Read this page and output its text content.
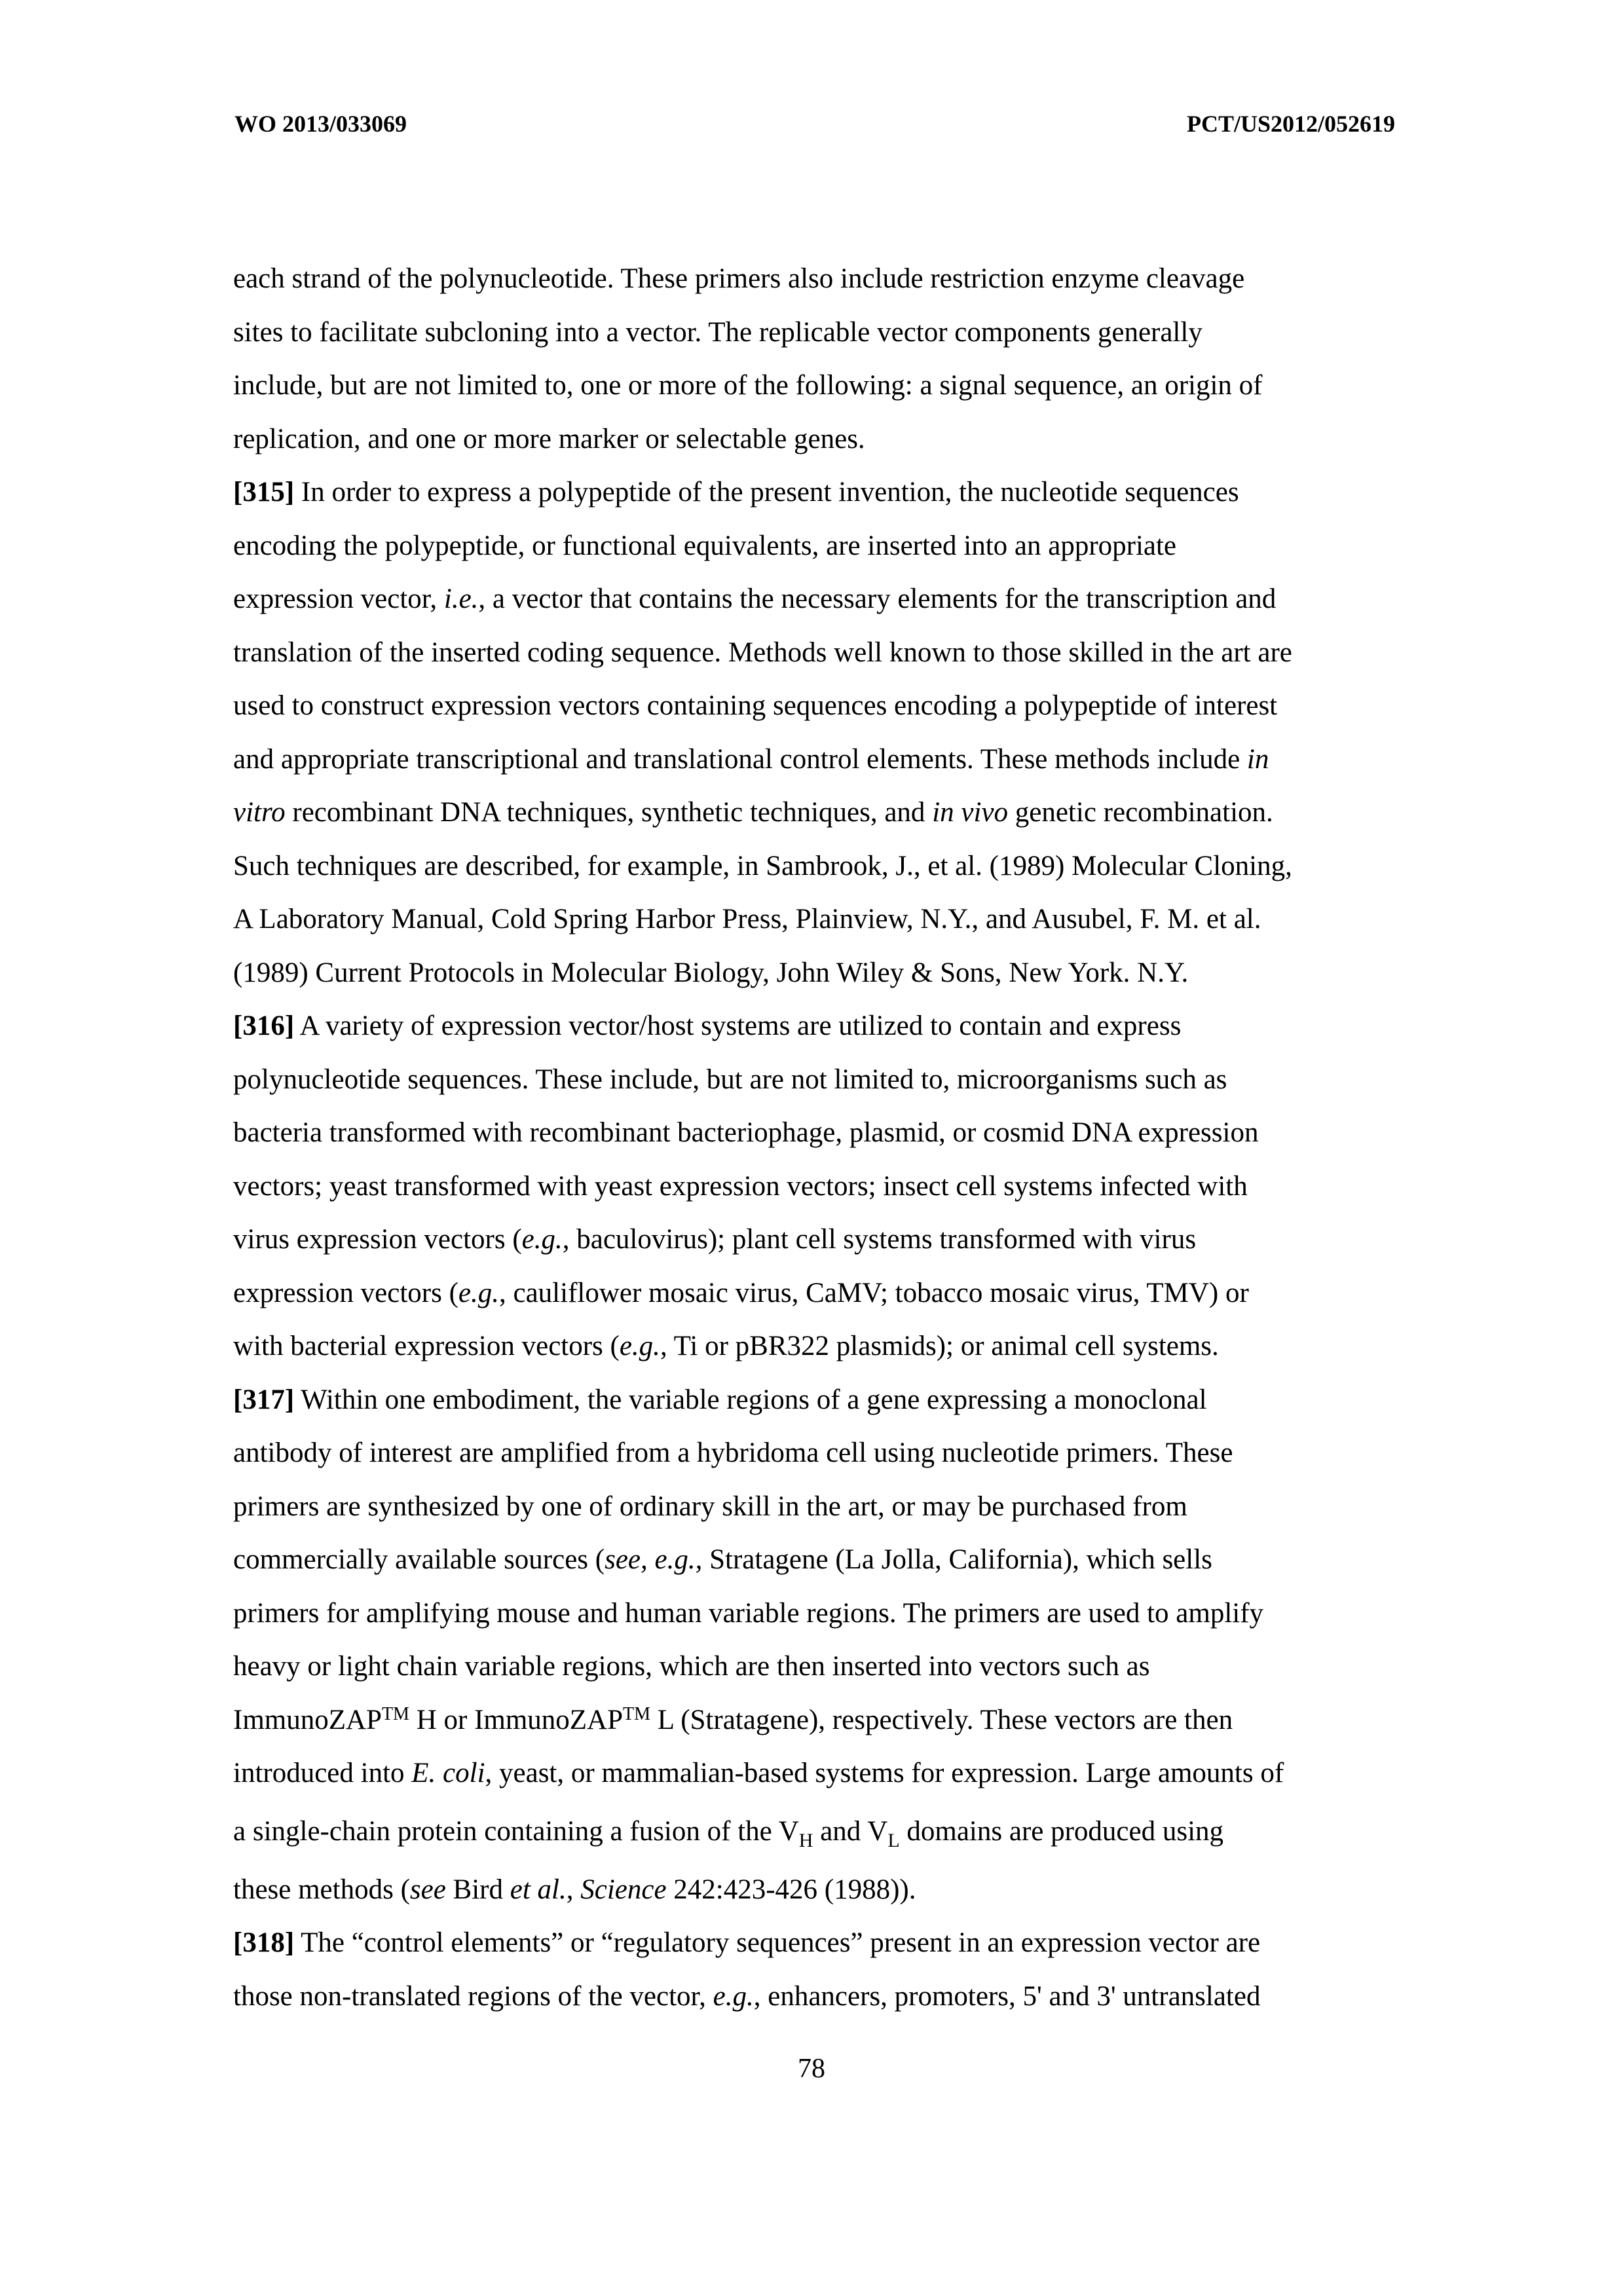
WO 2013/033069	PCT/US2012/052619
each strand of the polynucleotide. These primers also include restriction enzyme cleavage
sites to facilitate subcloning into a vector. The replicable vector components generally
include, but are not limited to, one or more of the following: a signal sequence, an origin of
replication, and one or more marker or selectable genes.
[315] In order to express a polypeptide of the present invention, the nucleotide sequences
encoding the polypeptide, or functional equivalents, are inserted into an appropriate
expression vector, i.e., a vector that contains the necessary elements for the transcription and
translation of the inserted coding sequence. Methods well known to those skilled in the art are
used to construct expression vectors containing sequences encoding a polypeptide of interest
and appropriate transcriptional and translational control elements. These methods include in
vitro recombinant DNA techniques, synthetic techniques, and in vivo genetic recombination.
Such techniques are described, for example, in Sambrook, J., et al. (1989) Molecular Cloning,
A Laboratory Manual, Cold Spring Harbor Press, Plainview, N.Y., and Ausubel, F. M. et al.
(1989) Current Protocols in Molecular Biology, John Wiley & Sons, New York. N.Y.
[316] A variety of expression vector/host systems are utilized to contain and express
polynucleotide sequences. These include, but are not limited to, microorganisms such as
bacteria transformed with recombinant bacteriophage, plasmid, or cosmid DNA expression
vectors; yeast transformed with yeast expression vectors; insect cell systems infected with
virus expression vectors (e.g., baculovirus); plant cell systems transformed with virus
expression vectors (e.g., cauliflower mosaic virus, CaMV; tobacco mosaic virus, TMV) or
with bacterial expression vectors (e.g., Ti or pBR322 plasmids); or animal cell systems.
[317] Within one embodiment, the variable regions of a gene expressing a monoclonal
antibody of interest are amplified from a hybridoma cell using nucleotide primers. These
primers are synthesized by one of ordinary skill in the art, or may be purchased from
commercially available sources (see, e.g., Stratagene (La Jolla, California), which sells
primers for amplifying mouse and human variable regions. The primers are used to amplify
heavy or light chain variable regions, which are then inserted into vectors such as
ImmunoZAP™ H or ImmunoZAP™ L (Stratagene), respectively. These vectors are then
introduced into E. coli, yeast, or mammalian-based systems for expression. Large amounts of
a single-chain protein containing a fusion of the $V_H$ and $V_L$ domains are produced using
these methods (see Bird et al., Science 242:423-426 (1988)).
[318] The “control elements” or “regulatory sequences” present in an expression vector are
those non-translated regions of the vector, e.g., enhancers, promoters, 5' and 3' untranslated
78
